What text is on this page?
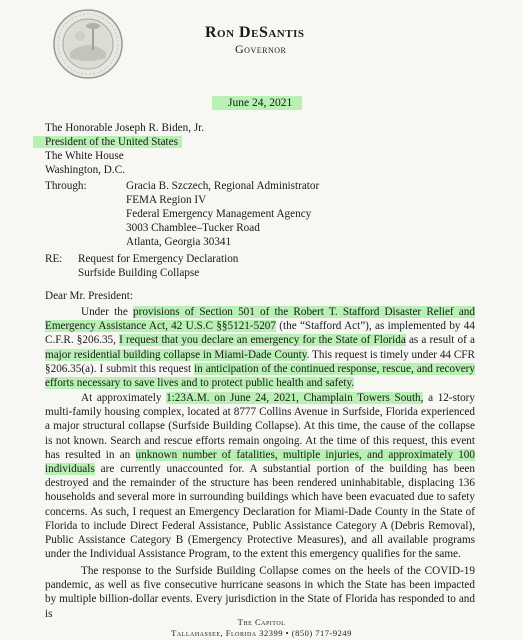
Ron DeSantis
Governor
June 24, 2021
The Honorable Joseph R. Biden, Jr.
President of the United States
The White House
Washington, D.C.
Through:	Gracia B. Szczech, Regional Administrator
FEMA Region IV
Federal Emergency Management Agency
3003 Chamblee–Tucker Road
Atlanta, Georgia 30341
RE: Request for Emergency Declaration
Surfside Building Collapse
Dear Mr. President:

Under the provisions of Section 501 of the Robert T. Stafford Disaster Relief and Emergency Assistance Act, 42 U.S.C §§5121-5207 (the “Stafford Act”), as implemented by 44 C.F.R. §206.35, I request that you declare an emergency for the State of Florida as a result of a major residential building collapse in Miami-Dade County. This request is timely under 44 CFR §206.35(a). I submit this request in anticipation of the continued response, rescue, and recovery efforts necessary to save lives and to protect public health and safety.

At approximately 1:23A.M. on June 24, 2021, Champlain Towers South, a 12-story multi-family housing complex, located at 8777 Collins Avenue in Surfside, Florida experienced a major structural collapse (Surfside Building Collapse). At this time, the cause of the collapse is not known. Search and rescue efforts remain ongoing. At the time of this request, this event has resulted in an unknown number of fatalities, multiple injuries, and approximately 100 individuals are currently unaccounted for. A substantial portion of the building has been destroyed and the remainder of the structure has been rendered uninhabitable, displacing 136 households and several more in surrounding buildings which have been evacuated due to safety concerns. As such, I request an Emergency Declaration for Miami-Dade County in the State of Florida to include Direct Federal Assistance, Public Assistance Category A (Debris Removal), Public Assistance Category B (Emergency Protective Measures), and all available programs under the Individual Assistance Program, to the extent this emergency qualifies for the same.

The response to the Surfside Building Collapse comes on the heels of the COVID-19 pandemic, as well as five consecutive hurricane seasons in which the State has been impacted by multiple billion-dollar events. Every jurisdiction in the State of Florida has responded to and is

The Capitol
Tallahassee, Florida 32399 • (850) 717-9249
